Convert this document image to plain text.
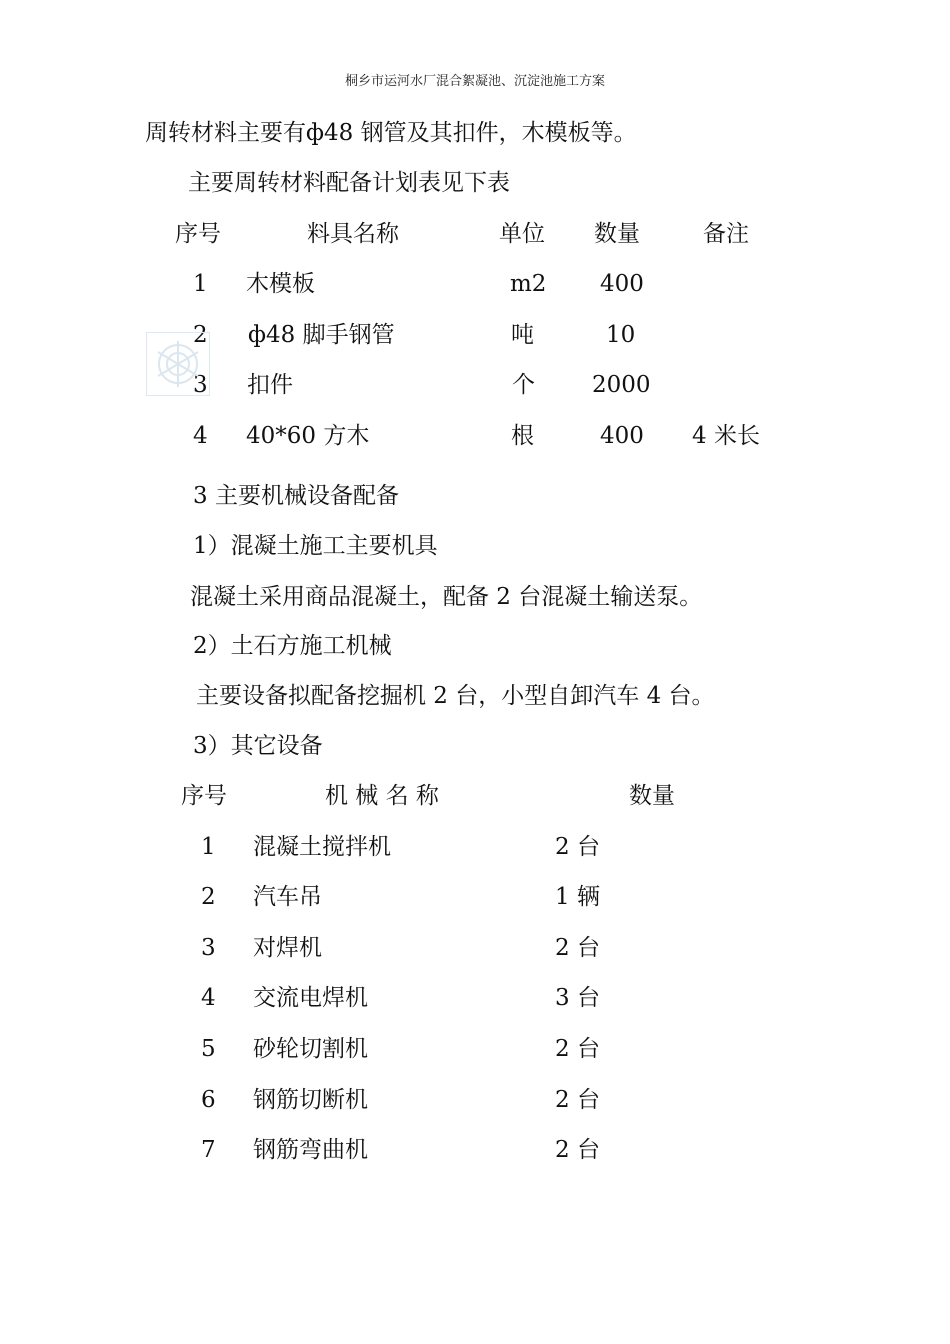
桐乡市运河水厂混合絮凝池、沉淀池施工方案
周转材料主要有ф48 钢管及其扣件，木模板等。
主要周转材料配备计划表见下表
序号	料具名称	单位 数量	备注
1 木模板	m2 400
2 ф48 脚手钢管	吨	10
3 扣件	个 2000
4 40*60 方木	根	400 4 米长
3 主要机械设备配备
1）混凝土施工主要机具
混凝土采用商品混凝土，配备 2 台混凝土输送泵。
2）土石方施工机械
主要设备拟配备挖掘机 2 台，小型自卸汽车 4 台。
3）其它设备
序号	机 械 名 称	数量
1 混凝土搅拌机	2 台
2 汽车吊	1 辆
3 对焊机	2 台
4 交流电焊机	3 台
5 砂轮切割机	2 台
6 钢筋切断机	2 台
7 钢筋弯曲机	2 台
